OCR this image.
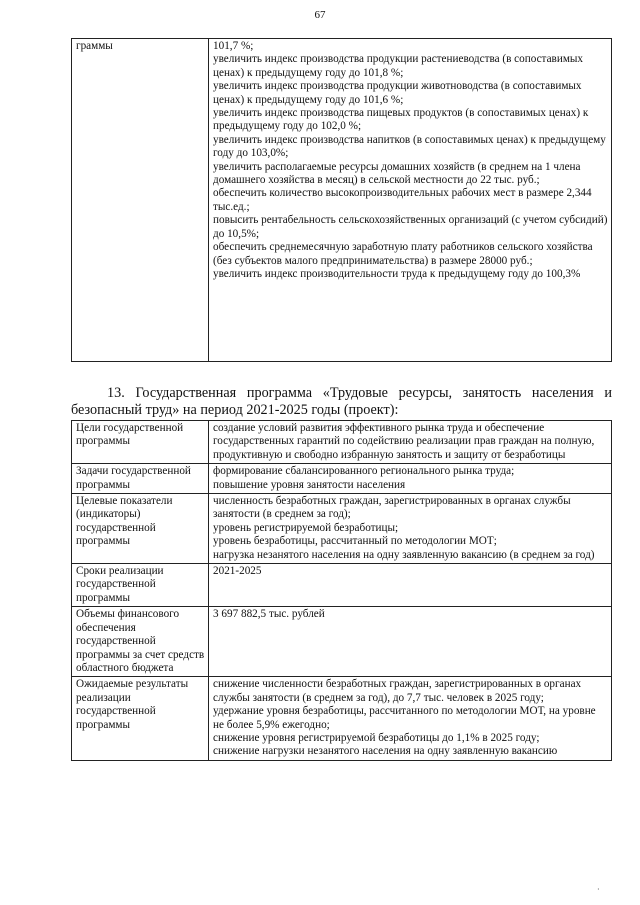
67
граммы	101,7 %;
увеличить индекс производства продукции растениеводства (в сопоставимых ценах) к предыдущему году до 101,8 %;
увеличить индекс производства продукции животноводства (в сопоставимых ценах) к предыдущему году до 101,6 %;
увеличить индекс производства пищевых продуктов (в сопоставимых ценах) к предыдущему году до 102,0 %;
увеличить индекс производства напитков (в сопоставимых ценах) к предыдущему году до 103,0%;
увеличить располагаемые ресурсы домашних хозяйств (в среднем на 1 члена домашнего хозяйства в месяц) в сельской местности до 22 тыс. руб.;
обеспечить количество высокопроизводительных рабочих мест в размере 2,344 тыс.ед.;
повысить рентабельность сельскохозяйственных организаций (с учетом субсидий) до 10,5%;
обеспечить среднемесячную заработную плату работников сельского хозяйства (без субъектов малого предпринимательства) в размере 28000 руб.;
увеличить индекс производительности труда к предыдущему году до 100,3%
13. Государственная программа «Трудовые ресурсы, занятость населения и безопасный труд» на период 2021-2025 годы (проект):
Цели государственной программы	создание условий развития эффективного рынка труда и обеспечение государственных гарантий по содействию реализации прав граждан на полную, продуктивную и свободно избранную занятость и защиту от безработицы

Задачи государственной программы	формирование сбалансированного регионального рынка труда;
повышение уровня занятости населения

Целевые показатели (индикаторы) государственной программы	численность безработных граждан, зарегистрированных в органах службы занятости (в среднем за год);
уровень регистрируемой безработицы;
уровень безработицы, рассчитанный по методологии МОТ;
нагрузка незанятого населения на одну заявленную вакансию (в среднем за год)

Сроки реализации государственной программы	2021-2025

Объемы финансового обеспечения государственной программы за счет средств областного бюджета	3 697 882,5 тыс. рублей

Ожидаемые результаты реализации государственной программы	снижение численности безработных граждан, зарегистрированных в органах службы занятости (в среднем за год), до 7,7 тыс. человек в 2025 году;
удержание уровня безработицы, рассчитанного по методологии МОТ, на уровне не более 5,9% ежегодно;
снижение уровня регистрируемой безработицы до 1,1% в 2025 году;
снижение нагрузки незанятого населения на одну заявленную вакансию
·
